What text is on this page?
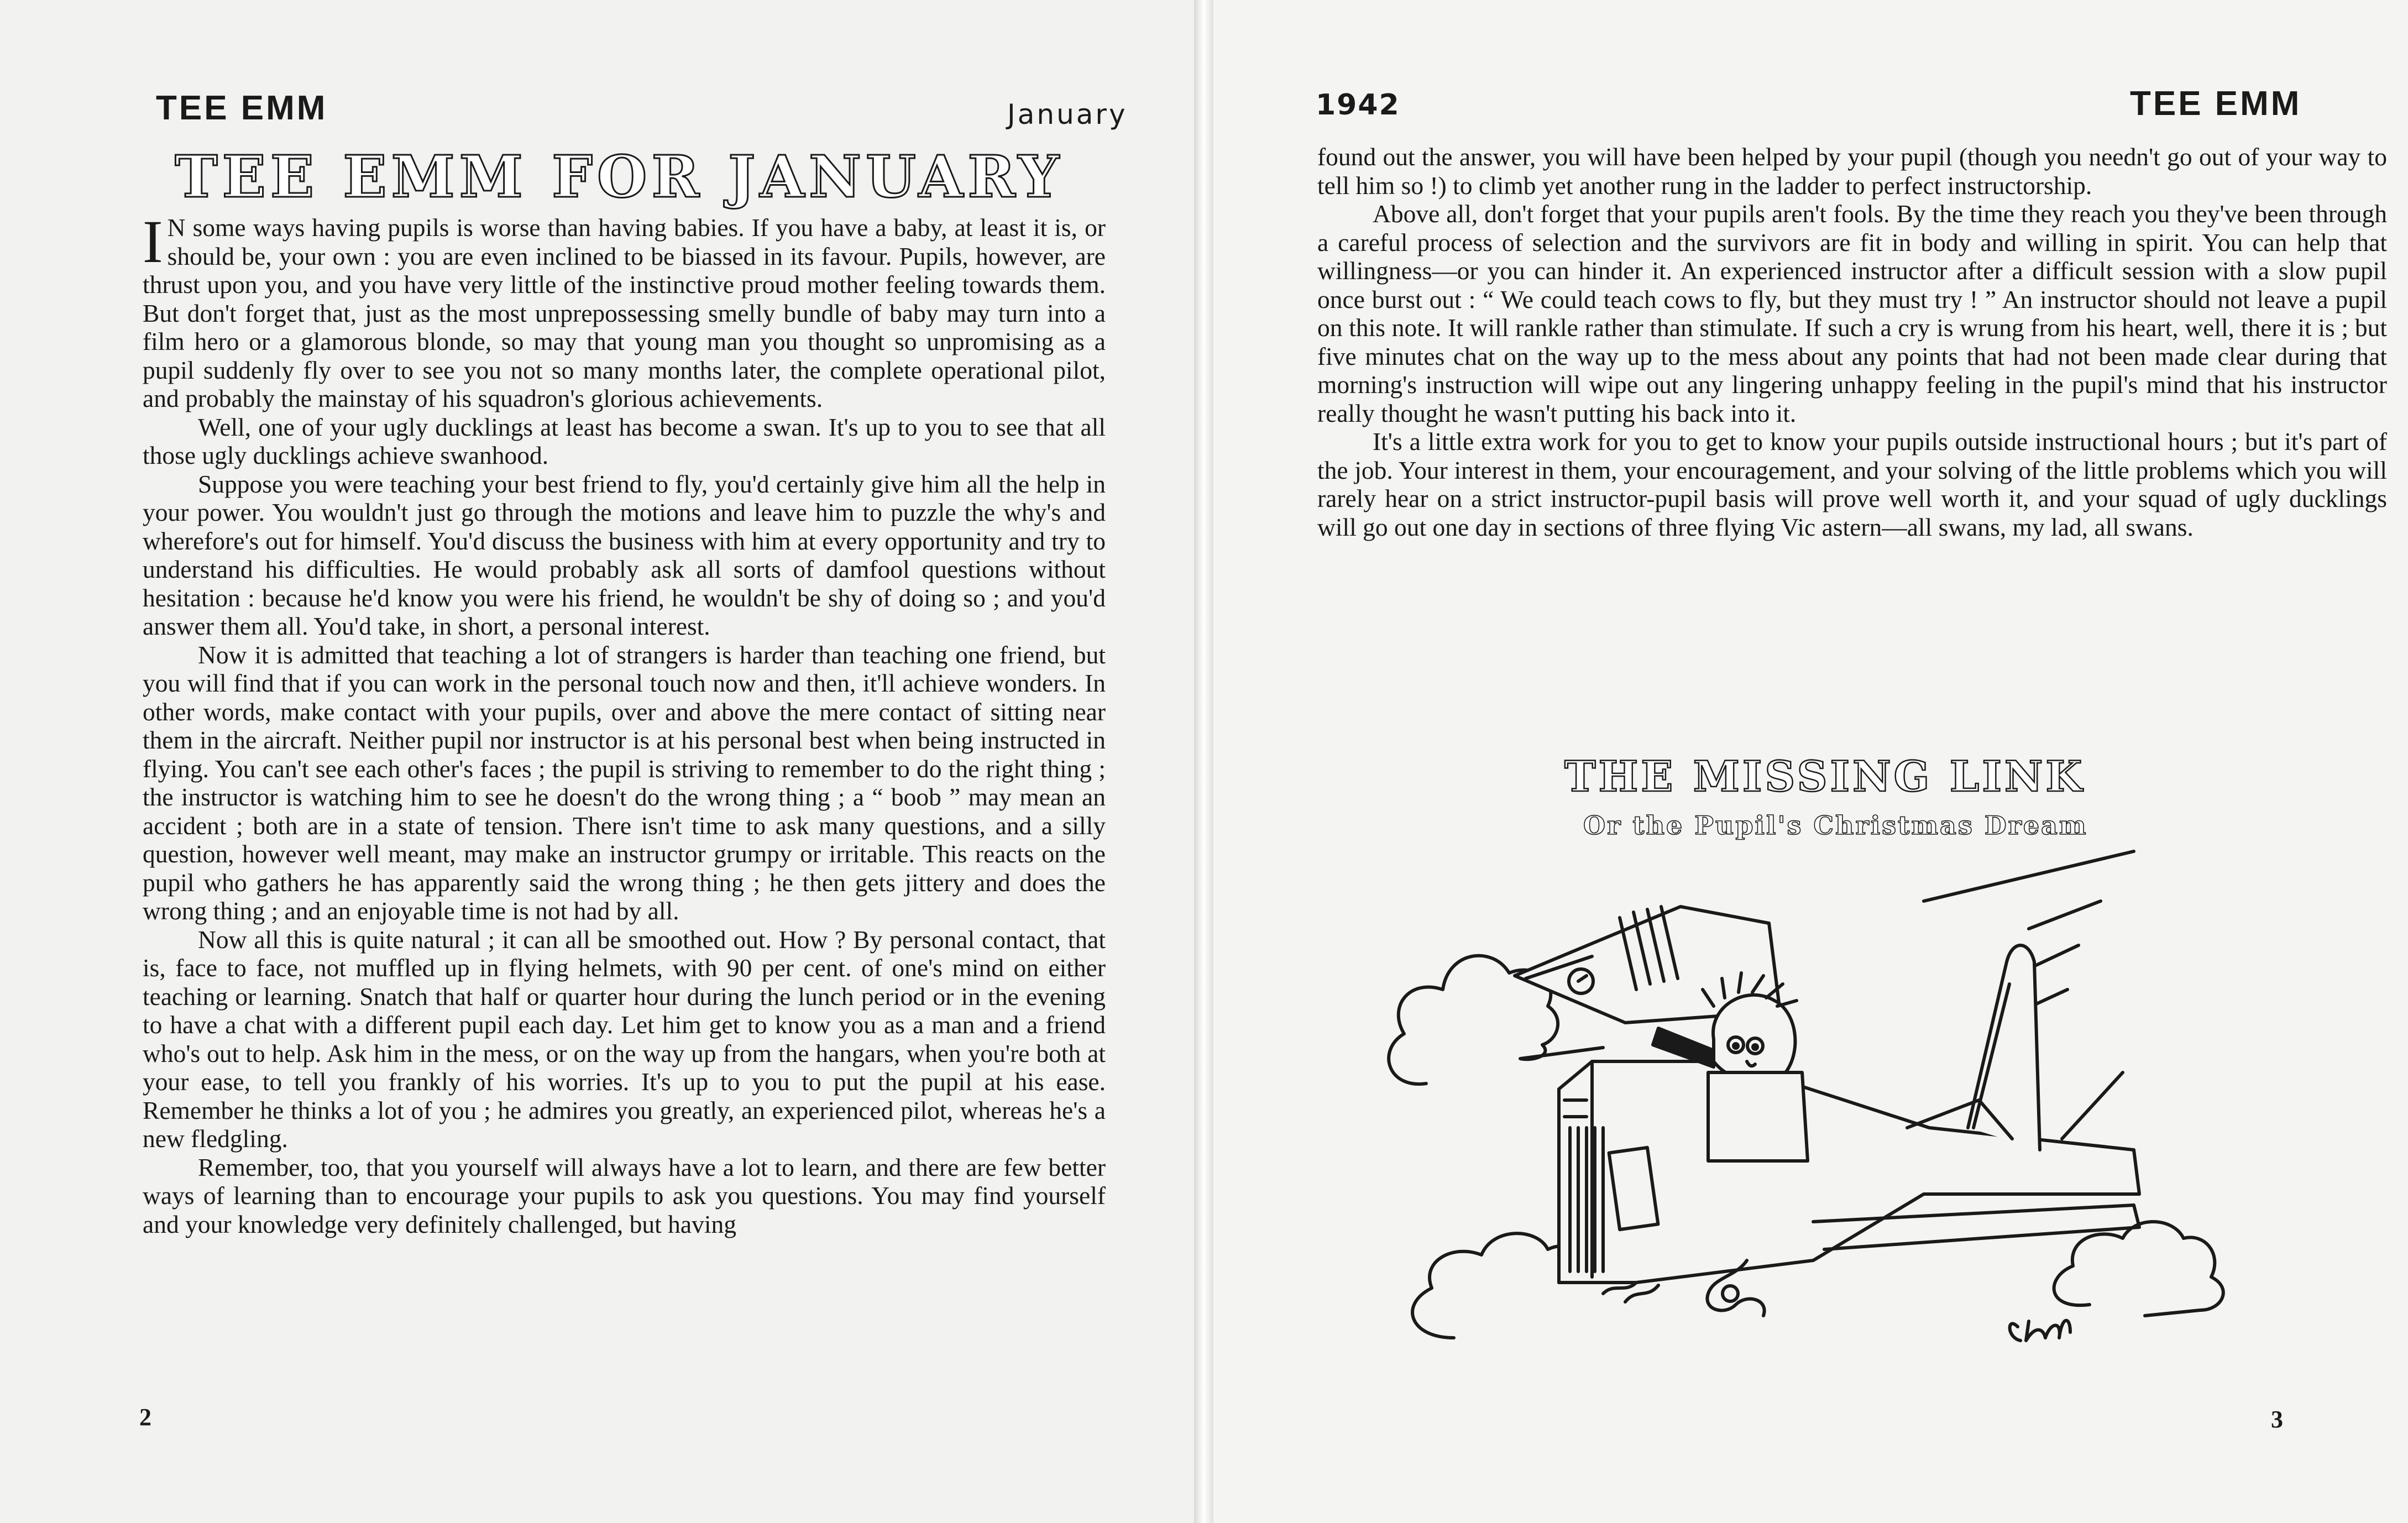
TEE EMM	January
TEE EMM FOR JANUARY

I N some ways having pupils is worse than having babies. If you have a baby, at least it is, or should be, your own : you are even inclined to be biassed in its favour. Pupils, however, are thrust upon you, and you have very little of the instinctive proud mother feeling towards them. But don't forget that, just as the most unprepossessing smelly bundle of baby may turn into a film hero or a glamorous blonde, so may that young man you thought so unpromising as a pupil suddenly fly over to see you not so many months later, the complete operational pilot, and probably the mainstay of his squadron's glorious achievements.

Well, one of your ugly ducklings at least has become a swan. It's up to you to see that all those ugly ducklings achieve swanhood.

Suppose you were teaching your best friend to fly, you'd certainly give him all the help in your power. You wouldn't just go through the motions and leave him to puzzle the why's and wherefore's out for himself. You'd discuss the business with him at every opportunity and try to understand his difficulties. He would probably ask all sorts of damfool questions without hesitation : because he'd know you were his friend, he wouldn't be shy of doing so ; and you'd answer them all. You'd take, in short, a personal interest.

Now it is admitted that teaching a lot of strangers is harder than teaching one friend, but you will find that if you can work in the personal touch now and then, it'll achieve wonders. In other words, make contact with your pupils, over and above the mere contact of sitting near them in the aircraft. Neither pupil nor instructor is at his personal best when being instructed in flying. You can't see each other's faces ; the pupil is striving to remember to do the right thing ; the instructor is watching him to see he doesn't do the wrong thing ; a “ boob ” may mean an accident ; both are in a state of tension. There isn't time to ask many questions, and a silly question, however well meant, may make an instructor grumpy or irritable. This reacts on the pupil who gathers he has apparently said the wrong thing ; he then gets jittery and does the wrong thing ; and an enjoyable time is not had by all.

Now all this is quite natural ; it can all be smoothed out. How ? By personal contact, that is, face to face, not muffled up in flying helmets, with 90 per cent. of one's mind on either teaching or learning. Snatch that half or quarter hour during the lunch period or in the evening to have a chat with a different pupil each day. Let him get to know you as a man and a friend who's out to help. Ask him in the mess, or on the way up from the hangars, when you're both at your ease, to tell you frankly of his worries. It's up to you to put the pupil at his ease. Remember he thinks a lot of you ; he admires you greatly, an experienced pilot, whereas he's a new fledgling.

Remember, too, that you yourself will always have a lot to learn, and there are few better ways of learning than to encourage your pupils to ask you questions. You may find yourself and your knowledge very definitely challenged, but having

2
1942	TEE EMM

found out the answer, you will have been helped by your pupil (though you needn't go out of your way to tell him so !) to climb yet another rung in the ladder to perfect instructorship.

Above all, don't forget that your pupils aren't fools. By the time they reach you they've been through a careful process of selection and the survivors are fit in body and willing in spirit. You can help that willingness—or you can hinder it. An experienced instructor after a difficult session with a slow pupil once burst out : “ We could teach cows to fly, but they must try ! ” An instructor should not leave a pupil on this note. It will rankle rather than stimulate. If such a cry is wrung from his heart, well, there it is ; but five minutes chat on the way up to the mess about any points that had not been made clear during that morning's instruction will wipe out any lingering unhappy feeling in the pupil's mind that his instructor really thought he wasn't putting his back into it.

It's a little extra work for you to get to know your pupils outside instructional hours ; but it's part of the job. Your interest in them, your encouragement, and your solving of the little problems which you will rarely hear on a strict instructor-pupil basis will prove well worth it, and your squad of ugly ducklings will go out one day in sections of three flying Vic astern—all swans, my lad, all swans.

3
THE MISSING LINK
Or the Pupil's Christmas Dream
